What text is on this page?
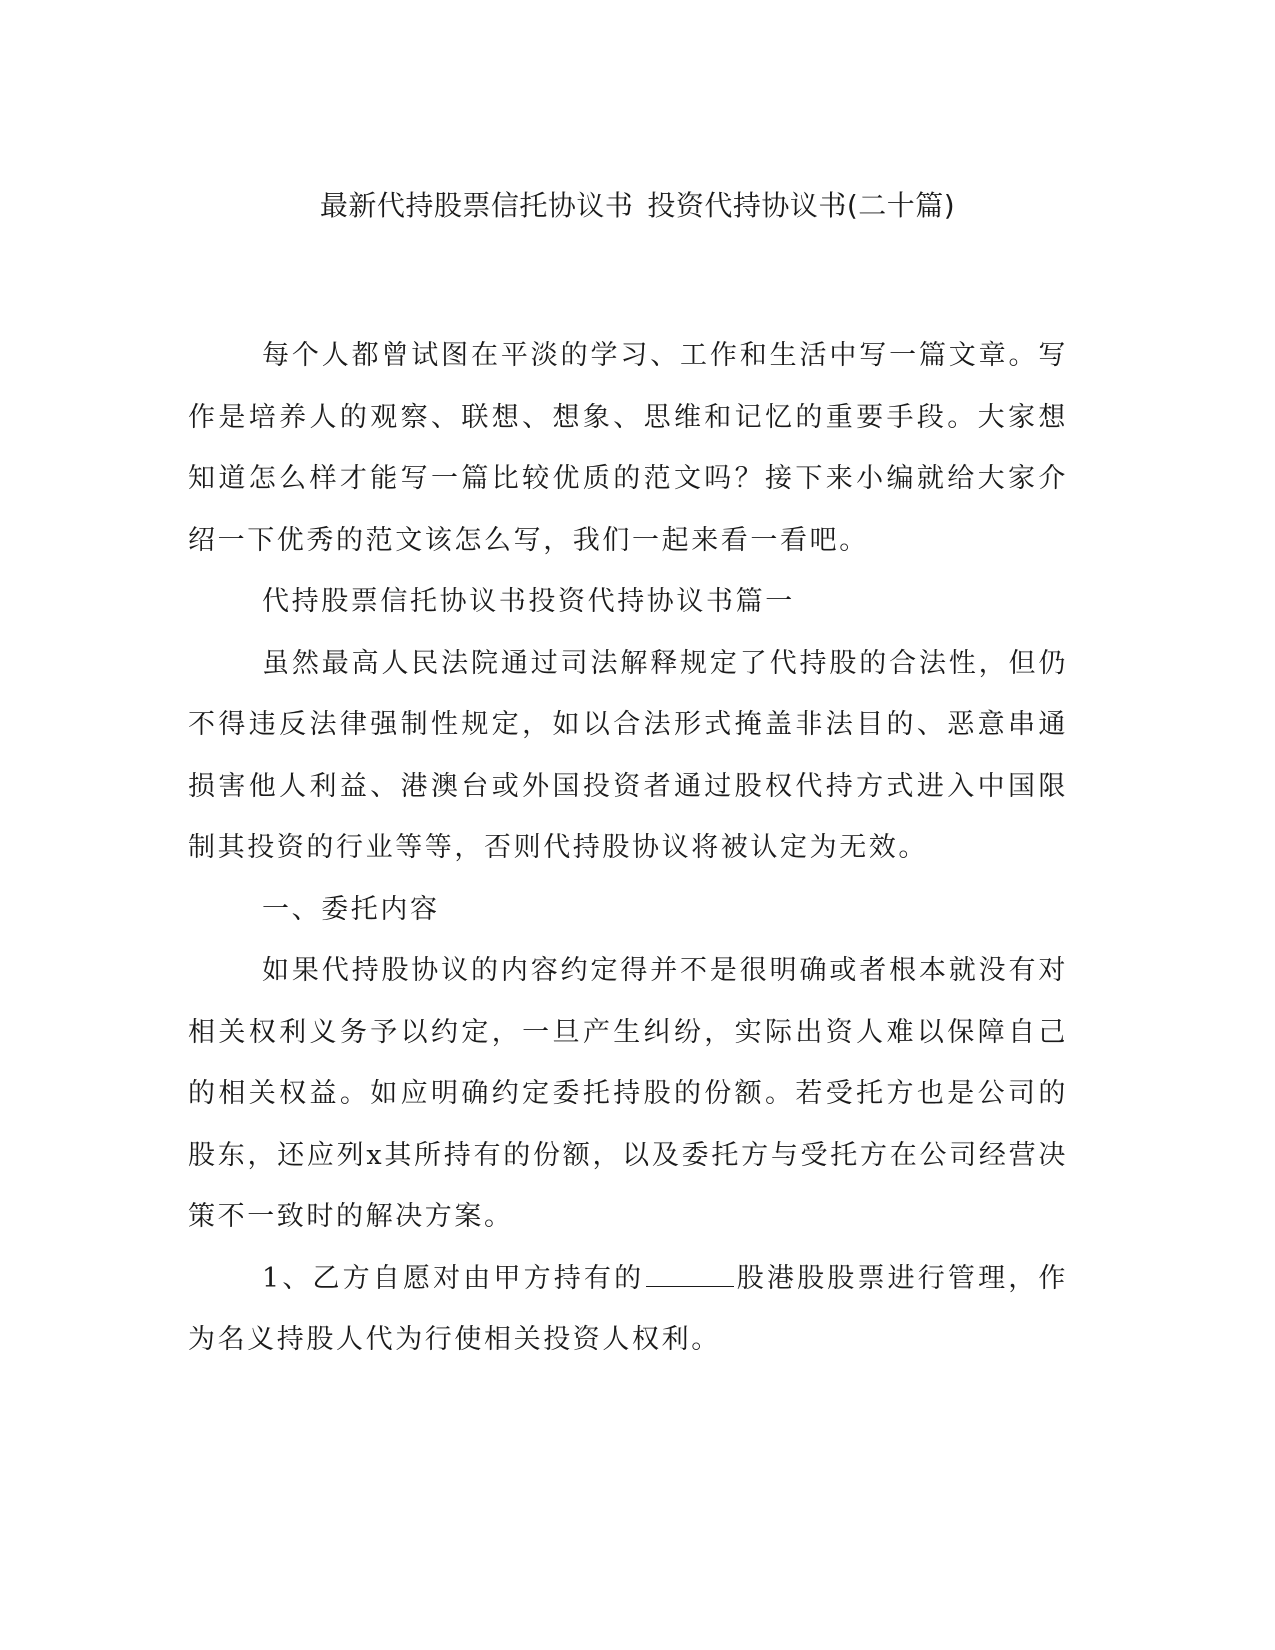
最新代持股票信托协议书 投资代持协议书(二十篇)

每个人都曾试图在平淡的学习、工作和生活中写一篇文章。写作是培养人的观察、联想、想象、思维和记忆的重要手段。大家想知道怎么样才能写一篇比较优质的范文吗？接下来小编就给大家介绍一下优秀的范文该怎么写，我们一起来看一看吧。

代持股票信托协议书投资代持协议书篇一

虽然最高人民法院通过司法解释规定了代持股的合法性，但仍不得违反法律强制性规定，如以合法形式掩盖非法目的、恶意串通损害他人利益、港澳台或外国投资者通过股权代持方式进入中国限制其投资的行业等等，否则代持股协议将被认定为无效。

一、委托内容

如果代持股协议的内容约定得并不是很明确或者根本就没有对相关权利义务予以约定，一旦产生纠纷，实际出资人难以保障自己的相关权益。如应明确约定委托持股的份额。若受托方也是公司的股东，还应列x其所持有的份额，以及委托方与受托方在公司经营决策不一致时的解决方案。

1、乙方自愿对由甲方持有的	股港股股票进行管理，作为名义持股人代为行使相关投资人权利。
